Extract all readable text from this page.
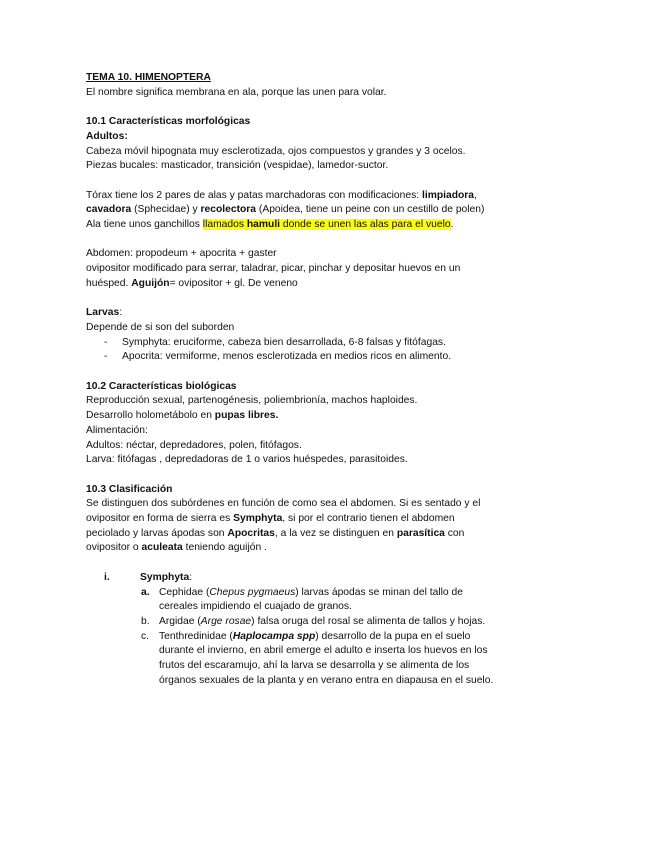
TEMA 10. HIMENOPTERA
El nombre significa membrana en ala, porque las unen para volar.
10.1 Características morfológicas
Adultos:
Cabeza móvil hipognata muy esclerotizada, ojos compuestos y grandes y 3 ocelos.
Piezas bucales: masticador, transición (vespidae), lamedor-suctor.
Tórax tiene los 2 pares de alas y patas marchadoras con modificaciones: limpiadora,
cavadora (Sphecidae) y recolectora (Apoidea, tiene un peine con un cestillo de polen)
Ala tiene unos ganchillos llamados hamuli donde se unen las alas para el vuelo.
Abdomen: propodeum + apocrita + gaster
ovipositor modificado para serrar, taladrar, picar, pinchar y depositar huevos en un
huésped. Aguijón= ovipositor + gl. De veneno
Larvas:
Depende de si son del suborden
- Symphyta: eruciforme, cabeza bien desarrollada, 6-8 falsas y fitófagas.
- Apocrita: vermiforme, menos esclerotizada en medios ricos en alimento.
10.2 Características biológicas
Reproducción sexual, partenogénesis, poliembrionía, machos haploides.
Desarrollo holometábolo en pupas libres.
Alimentación:
Adultos: néctar, depredadores, polen, fitófagos.
Larva: fitófagas , depredadoras de 1 o varios huéspedes, parasitoides.
10.3 Clasificación
Se distinguen dos subórdenes en función de como sea el abdomen. Si es sentado y el
ovipositor en forma de sierra es Symphyta, si por el contrario tienen el abdomen
peciolado y larvas ápodas son Apocritas, a la vez se distinguen en parasítica con
ovipositor o aculeata teniendo aguijón .
i.	Symphyta:
a. Cephidae (Chepus pygmaeus) larvas ápodas se minan del tallo de
cereales impidiendo el cuajado de granos.
b. Argidae (Arge rosae) falsa oruga del rosal se alimenta de tallos y hojas.
c. Tenthredinidae (Haplocampa spp) desarrollo de la pupa en el suelo
durante el invierno, en abril emerge el adulto e inserta los huevos en los
frutos del escaramujo, ahí la larva se desarrolla y se alimenta de los
órganos sexuales de la planta y en verano entra en diapausa en el suelo.
